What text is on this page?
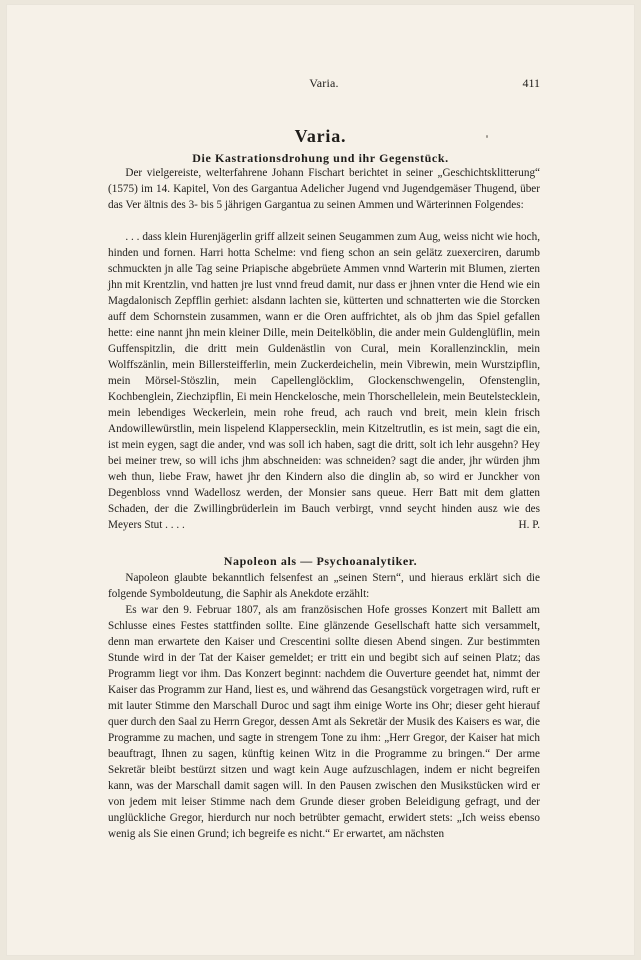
Varia.	411
Varia.
Die Kastrationsdrohung und ihr Gegenstück.

Der vielgereiste, welterfahrene Johann Fischart berichtet in seiner „Geschichtsklitterung“ (1575) im 14. Kapitel, Von des Gargantua Adelicher Jugend vnd Jugendgemäser Thugend, über das Ver ältnis des 3- bis 5 jährigen Gargantua zu seinen Ammen und Wärterinnen Folgendes:

. . . dass klein Hurenjägerlin griff allzeit seinen Seugammen zum Aug, weiss nicht wie hoch, hinden und fornen. Harri hotta Schelme: vnd fieng schon an sein gelätz zuexerciren, darumb schmuckten jn alle Tag seine Priapische abgebrüete Ammen vnnd Warterin mit Blumen, zierten jhn mit Krentzlin, vnd hatten jre lust vnnd freud damit, nur dass er jhnen vnter die Hend wie ein Magdalonisch Zepfflin gerhiet: alsdann lachten sie, kütterten und schnatterten wie die Storcken auff dem Schornstein zusammen, wann er die Oren auffrichtet, als ob jhm das Spiel gefallen hette: eine nannt jhn mein kleiner Dille, mein Deitelköblin, die ander mein Guldenglüflin, mein Guffenspitzlin, die dritt mein Guldenästlin von Cural, mein Korallenzincklin, mein Wolffszänlin, mein Billersteifferlin, mein Zuckerdeichelin, mein Vibrewin, mein Wurstzipflin, mein Mörsel-Stöszlin, mein Capellenglöcklim, Glockenschwengelin, Ofenstenglin, Kochbenglein, Ziechzipflin, Ei mein Henckelosche, mein Thorschellelein, mein Beutelstecklein, mein lebendiges Weckerlein, mein rohe freud, ach rauch vnd breit, mein klein frisch Andowillewürstlin, mein lispelend Klappersecklin, mein Kitzeltrutlin, es ist mein, sagt die ein, ist mein eygen, sagt die ander, vnd was soll ich haben, sagt die dritt, solt ich lehr ausgehn? Hey bei meiner trew, so will ichs jhm abschneiden: was schneiden? sagt die ander, jhr würden jhm weh thun, liebe Fraw, hawet jhr den Kindern also die dinglin ab, so wird er Junckher von Degenbloss vnnd Wadellosz werden, der Monsier sans queue. Herr Batt mit dem glatten Schaden, der die Zwillingbrüderlein im Bauch verbirgt, vnnd seycht hinden ausz wie des Meyers Stut . . . .	H. P.

Napoleon als — Psychoanalytiker.

Napoleon glaubte bekanntlich felsenfest an „seinen Stern“, und hieraus erklärt sich die folgende Symboldeutung, die Saphir als Anekdote erzählt:

Es war den 9. Februar 1807, als am französischen Hofe grosses Konzert mit Ballett am Schlusse eines Festes stattfinden sollte. Eine glänzende Gesellschaft hatte sich versammelt, denn man erwartete den Kaiser und Crescentini sollte diesen Abend singen. Zur bestimmten Stunde wird in der Tat der Kaiser gemeldet; er tritt ein und begibt sich auf seinen Platz; das Programm liegt vor ihm. Das Konzert beginnt: nachdem die Ouverture geendet hat, nimmt der Kaiser das Programm zur Hand, liest es, und während das Gesangstück vorgetragen wird, ruft er mit lauter Stimme den Marschall Duroc und sagt ihm einige Worte ins Ohr; dieser geht hierauf quer durch den Saal zu Herrn Gregor, dessen Amt als Sekretär der Musik des Kaisers es war, die Programme zu machen, und sagte in strengem Tone zu ihm: „Herr Gregor, der Kaiser hat mich beauftragt, Ihnen zu sagen, künftig keinen Witz in die Programme zu bringen.“ Der arme Sekretär bleibt bestürzt sitzen und wagt kein Auge aufzuschlagen, indem er nicht begreifen kann, was der Marschall damit sagen will. In den Pausen zwischen den Musikstücken wird er von jedem mit leiser Stimme nach dem Grunde dieser groben Beleidigung gefragt, und der unglückliche Gregor, hierdurch nur noch betrübter gemacht, erwidert stets: „Ich weiss ebenso wenig als Sie einen Grund; ich begreife es nicht.“ Er erwartet, am nächsten
